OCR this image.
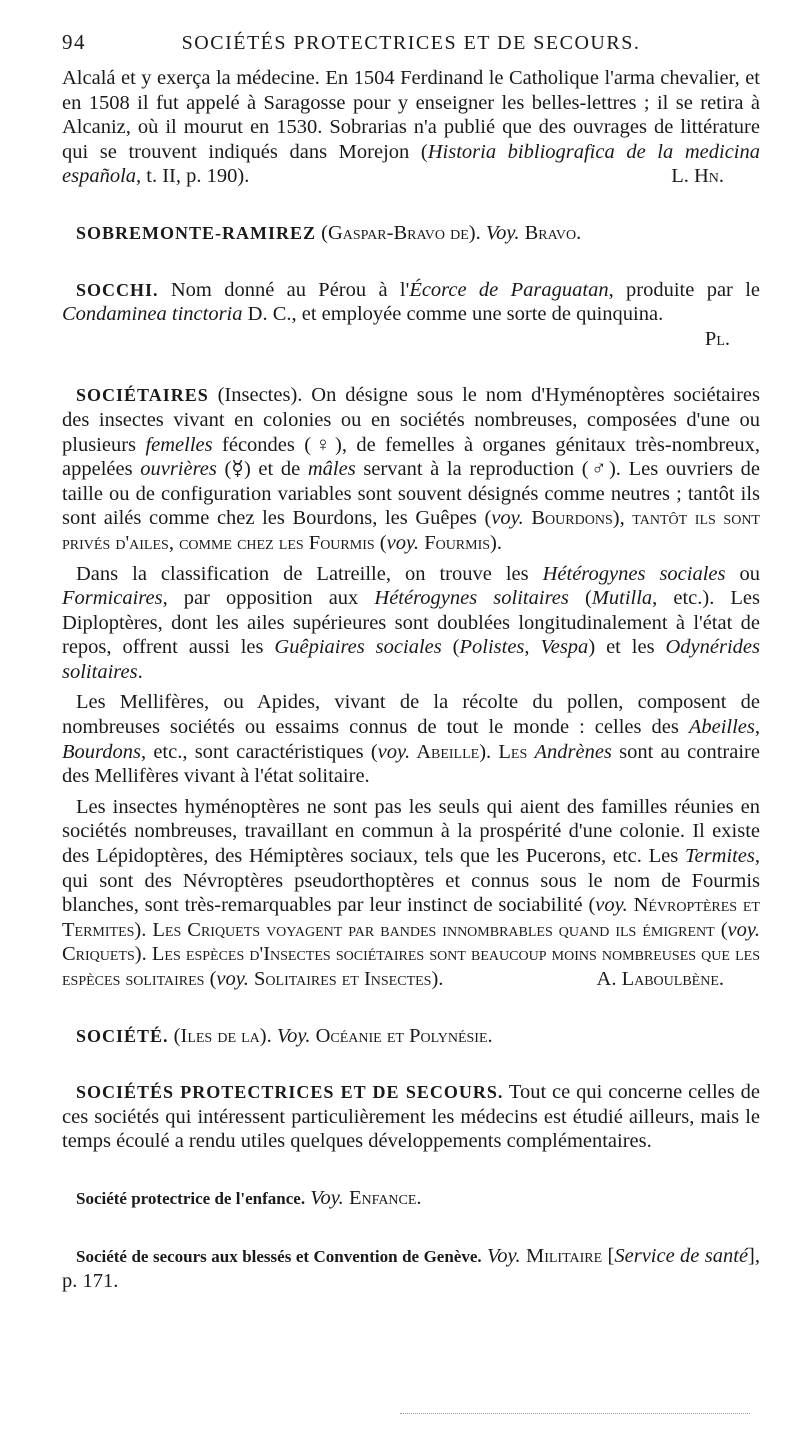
94	SOCIÉTÉS PROTECTRICES ET DE SECOURS.

Alcalá et y exerça la médecine. En 1504 Ferdinand le Catholique l'arma chevalier, et en 1508 il fut appelé à Saragosse pour y enseigner les belles-lettres ; il se retira à Alcaniz, où il mourut en 1530. Sobrarias n'a publié que des ouvrages de littérature qui se trouvent indiqués dans Morejon (Historia bibliografica de la medicina española, t. II, p. 190).	L. Hn.

SOBREMONTE-RAMIREZ (Gaspar-Bravo de). Voy. Bravo.

SOCCHI. Nom donné au Pérou à l'Écorce de Paraguatan, produite par le Condaminea tinctoria D. C., et employée comme une sorte de quinquina.

Pl.

SOCIÉTAIRES (Insectes). On désigne sous le nom d'Hyménoptères sociétaires des insectes vivant en colonies ou en sociétés nombreuses, composées d'une ou plusieurs femelles fécondes (♀), de femelles à organes génitaux très-nombreux, appelées ouvrières (☿) et de mâles servant à la reproduction (♂). Les ouvriers de taille ou de configuration variables sont souvent désignés comme neutres ; tantôt ils sont ailés comme chez les Bourdons, les Guêpes (voy. Bourdons), tantôt ils sont privés d'ailes, comme chez les Fourmis (voy. Fourmis).

Dans la classification de Latreille, on trouve les Hétérogynes sociales ou Formicaires, par opposition aux Hétérogynes solitaires (Mutilla, etc.). Les Diploptères, dont les ailes supérieures sont doublées longitudinalement à l'état de repos, offrent aussi les Guêpiaires sociales (Polistes, Vespa) et les Odynérides solitaires.

Les Mellifères, ou Apides, vivant de la récolte du pollen, composent de nombreuses sociétés ou essaims connus de tout le monde : celles des Abeilles, Bourdons, etc., sont caractéristiques (voy. Abeille). Les Andrènes sont au contraire des Mellifères vivant à l'état solitaire.

Les insectes hyménoptères ne sont pas les seuls qui aient des familles réunies en sociétés nombreuses, travaillant en commun à la prospérité d'une colonie. Il existe des Lépidoptères, des Hémiptères sociaux, tels que les Pucerons, etc. Les Termites, qui sont des Névroptères pseudorthoptères et connus sous le nom de Fourmis blanches, sont très-remarquables par leur instinct de sociabilité (voy. Névroptères et Termites). Les Criquets voyagent par bandes innombrables quand ils émigrent (voy. Criquets). Les espèces d'Insectes sociétaires sont beaucoup moins nombreuses que les espèces solitaires (voy. Solitaires et Insectes).	A. Laboulbène.

SOCIÉTÉ. (Iles de la). Voy. Océanie et Polynésie.

SOCIÉTÉS PROTECTRICES ET DE SECOURS. Tout ce qui concerne celles de ces sociétés qui intéressent particulièrement les médecins est étudié ailleurs, mais le temps écoulé a rendu utiles quelques développements complémentaires.

Société protectrice de l'enfance. Voy. Enfance.

Société de secours aux blessés et Convention de Genève. Voy. Militaire [Service de santé], p. 171.
